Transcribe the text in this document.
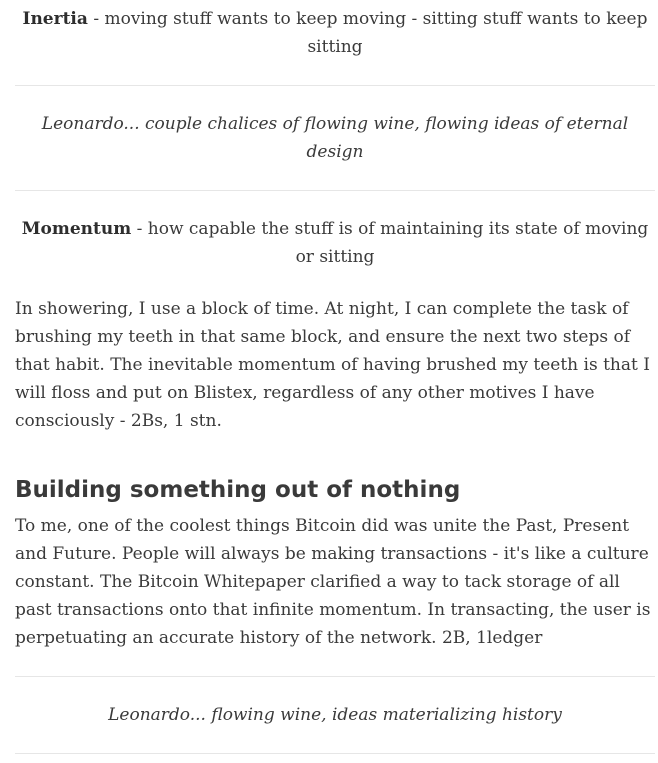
Inertia - moving stuff wants to keep moving - sitting stuff wants to keep sitting

Leonardo... couple chalices of flowing wine, flowing ideas of eternal design

Momentum - how capable the stuff is of maintaining its state of moving or sitting

In showering, I use a block of time. At night, I can complete the task of brushing my teeth in that same block, and ensure the next two steps of that habit. The inevitable momentum of having brushed my teeth is that I will floss and put on Blistex, regardless of any other motives I have consciously - 2Bs, 1 stn.

Building something out of nothing

To me, one of the coolest things Bitcoin did was unite the Past, Present and Future. People will always be making transactions - it's like a culture constant. The Bitcoin Whitepaper clarified a way to tack storage of all past transactions onto that infinite momentum. In transacting, the user is perpetuating an accurate history of the network. 2B, 1ledger

Leonardo... flowing wine, ideas materializing history
